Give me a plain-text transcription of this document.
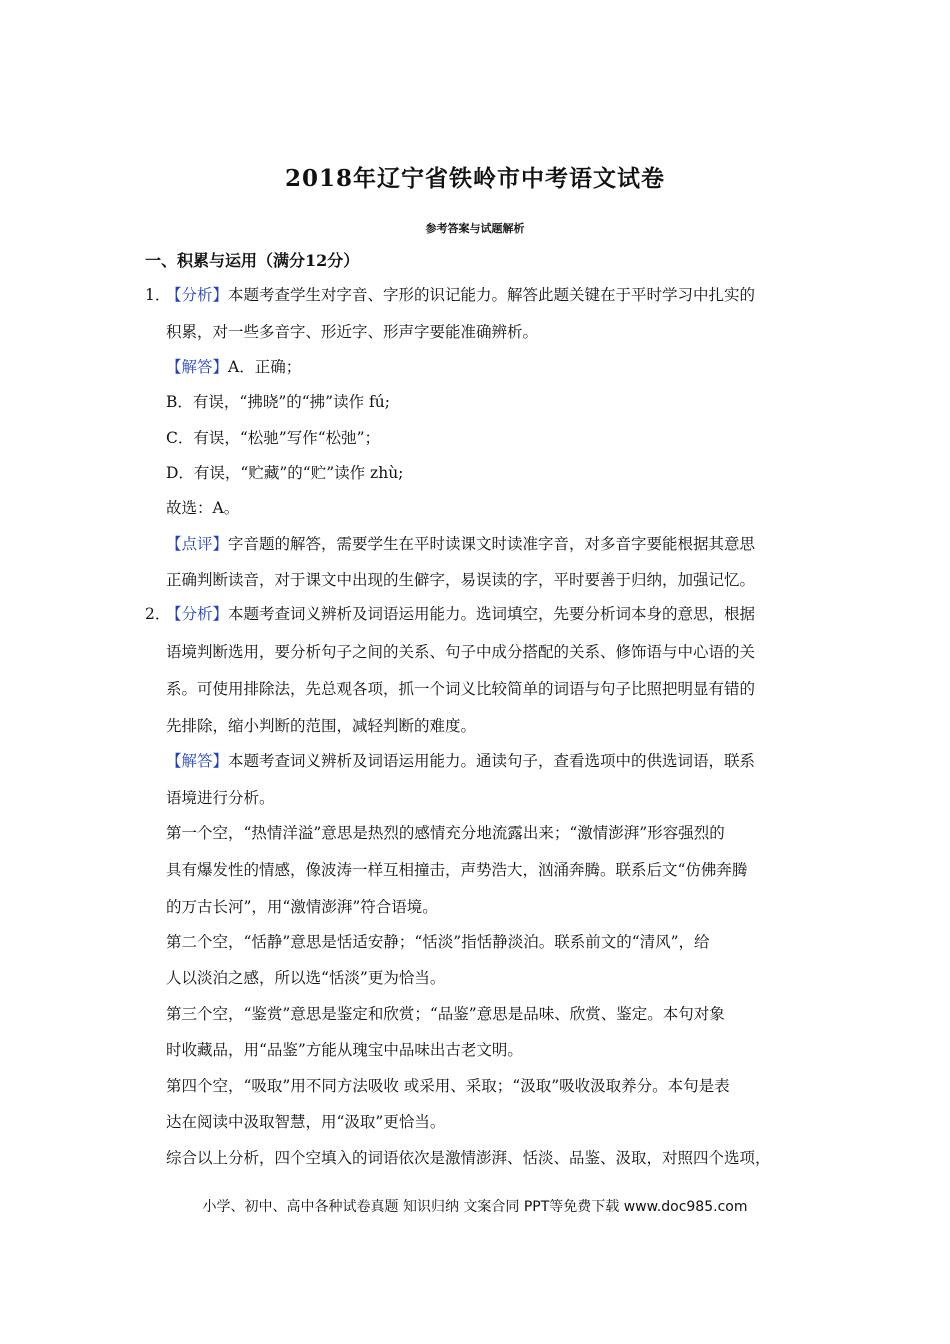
2018年辽宁省铁岭市中考语文试卷
参考答案与试题解析
一、积累与运用（满分12分）
1．
【分析】本题考查学生对字音、字形的识记能力。解答此题关键在于平时学习中扎实的
积累，对一些多音字、形近字、形声字要能准确辨析。
【解答】A．正确；
B．有误，“拂晓”的“拂”读作 fú;
C．有误，“松驰”写作“松弛”；
D．有误，“贮藏”的“贮”读作 zhù;
故选：A。
【点评】字音题的解答，需要学生在平时读课文时读准字音，对多音字要能根据其意思
正确判断读音，对于课文中出现的生僻字，易误读的字，平时要善于归纳，加强记忆。
2．
【分析】本题考查词义辨析及词语运用能力。选词填空，先要分析词本身的意思，根据
语境判断选用，要分析句子之间的关系、句子中成分搭配的关系、修饰语与中心语的关
系。可使用排除法，先总观各项，抓一个词义比较简单的词语与句子比照把明显有错的
先排除，缩小判断的范围，减轻判断的难度。
【解答】本题考查词义辨析及词语运用能力。通读句子，查看选项中的供选词语，联系
语境进行分析。
第一个空，“热情洋溢”意思是热烈的感情充分地流露出来；“激情澎湃”形容强烈的
具有爆发性的情感，像波涛一样互相撞击，声势浩大，汹涌奔腾。联系后文“仿佛奔腾
的万古长河”，用“激情澎湃”符合语境。
第二个空，“恬静”意思是恬适安静；“恬淡”指恬静淡泊。联系前文的“清风”，给
人以淡泊之感，所以选“恬淡”更为恰当。
第三个空，“鉴赏”意思是鉴定和欣赏；“品鉴”意思是品味、欣赏、鉴定。本句对象
时收藏品，用“品鉴”方能从瑰宝中品味出古老文明。
第四个空，“吸取”用不同方法吸收 或采用、采取；“汲取”吸收汲取养分。本句是表
达在阅读中汲取智慧，用“汲取”更恰当。
综合以上分析，四个空填入的词语依次是激情澎湃、恬淡、品鉴、汲取，对照四个选项，
小学、初中、高中各种试卷真题 知识归纳 文案合同 PPT等免费下载 www.doc985.com
